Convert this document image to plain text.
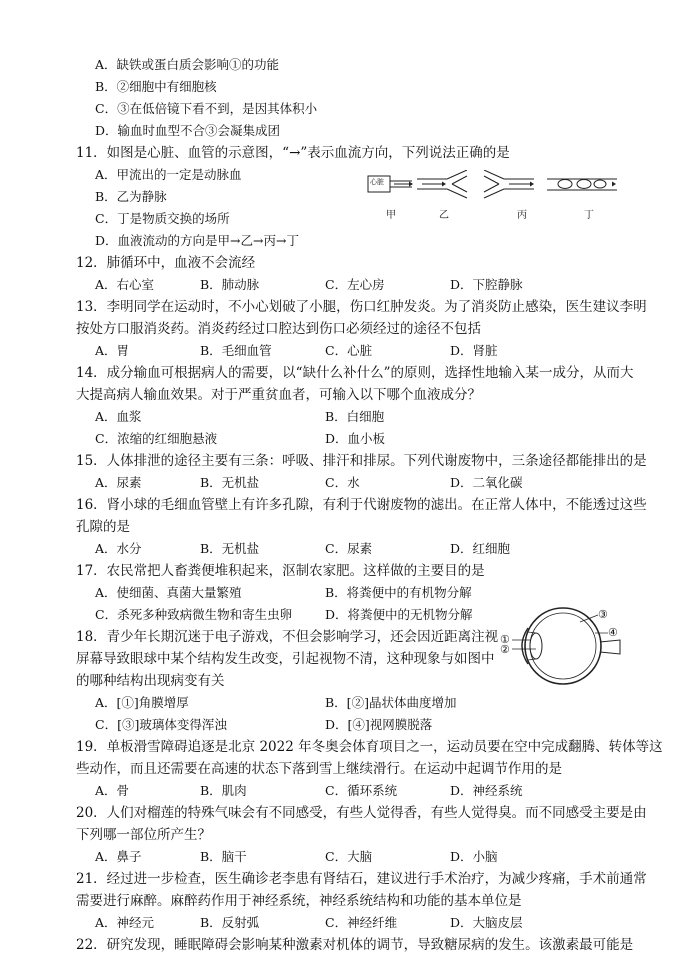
A．缺铁或蛋白质会影响①的功能
B．②细胞中有细胞核
C．③在低倍镜下看不到，是因其体积小
D．输血时血型不合③会凝集成团
11．如图是心脏、血管的示意图，“→”表示血流方向，下列说法正确的是
A．甲流出的一定是动脉血
B．乙为静脉
C．丁是物质交换的场所
D．血液流动的方向是甲→乙→丙→丁
心脏
甲	乙	丙	丁
12．肺循环中，血液不会流经
A．右心室	B．肺动脉	C．左心房	D．下腔静脉
13．李明同学在运动时，不小心划破了小腿，伤口红肿发炎。为了消炎防止感染，医生建议李明
按处方口服消炎药。消炎药经过口腔达到伤口必须经过的途径不包括
A．胃	B．毛细血管	C．心脏	D．肾脏
14．成分输血可根据病人的需要，以“缺什么补什么”的原则，选择性地输入某一成分，从而大
大提高病人输血效果。对于严重贫血者，可输入以下哪个血液成分？
A．血浆	B．白细胞
C．浓缩的红细胞悬液	D．血小板
15．人体排泄的途径主要有三条：呼吸、排汗和排尿。下列代谢废物中，三条途径都能排出的是
A．尿素	B．无机盐	C．水	D．二氧化碳
16．肾小球的毛细血管壁上有许多孔隙，有利于代谢废物的滤出。在正常人体中，不能透过这些
孔隙的是
A．水分	B．无机盐	C．尿素	D．红细胞
17．农民常把人畜粪便堆积起来，沤制农家肥。这样做的主要目的是
A．使细菌、真菌大量繁殖	B．将粪便中的有机物分解
C．杀死多种致病微生物和寄生虫卵	D．将粪便中的无机物分解
18．青少年长期沉迷于电子游戏，不但会影响学习，还会因近距离注视
屏幕导致眼球中某个结构发生改变，引起视物不清，这种现象与如图中
的哪种结构出现病变有关
A．[①]角膜增厚	B．[②]晶状体曲度增加
C．[③]玻璃体变得浑浊	D．[④]视网膜脱落
①
②
③
④
19．单板滑雪障碍追逐是北京 2022 年冬奥会体育项目之一，运动员要在空中完成翻腾、转体等这
些动作，而且还需要在高速的状态下落到雪上继续滑行。在运动中起调节作用的是
A．骨	B．肌肉	C．循环系统	D．神经系统
20．人们对榴莲的特殊气味会有不同感受，有些人觉得香，有些人觉得臭。而不同感受主要是由
下列哪一部位所产生？
A．鼻子	B．脑干	C．大脑	D．小脑
21．经过进一步检查，医生确诊老李患有肾结石，建议进行手术治疗，为减少疼痛，手术前通常
需要进行麻醉。麻醉药作用于神经系统，神经系统结构和功能的基本单位是
A．神经元	B．反射弧	C．神经纤维	D．大脑皮层
22．研究发现，睡眠障碍会影响某种激素对机体的调节，导致糖尿病的发生。该激素最可能是
